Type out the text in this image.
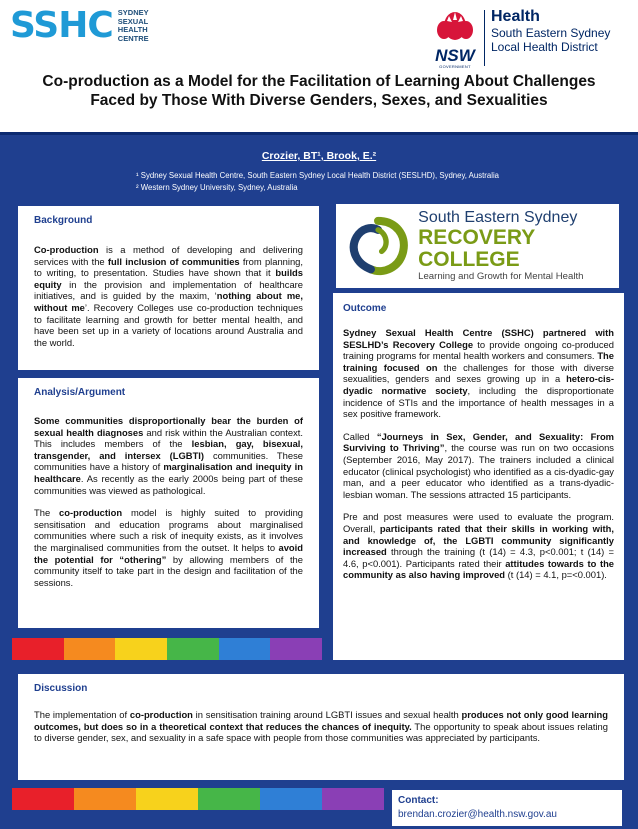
SSHC SYDNEY
SEXUAL
HEALTH
CENTRE
NSW
GOVERNMENT
Health
South Eastern Sydney
Local Health District
Co-production as a Model for the Facilitation of Learning About Challenges
Faced by Those With Diverse Genders, Sexes, and Sexualities
Crozier, BT¹, Brook, E.²
¹ Sydney Sexual Health Centre, South Eastern Sydney Local Health District (SESLHD), Sydney, Australia
² Western Sydney University, Sydney, Australia
Background
Co-production is a method of developing and delivering services with the full inclusion of communities from planning, to writing, to presentation. Studies have shown that it builds equity in the provision and implementation of healthcare initiatives, and is guided by the maxim, ‘nothing about me, without me’. Recovery Colleges use co-production techniques to facilitate learning and growth for better mental health, and have been set up in a variety of locations around Australia and the world.
Analysis/Argument

Some communities disproportionally bear the burden of sexual health diagnoses and risk within the Australian context. This includes members of the lesbian, gay, bisexual, transgender, and intersex (LGBTI) communities. These communities have a history of marginalisation and inequity in healthcare. As recently as the early 2000s being part of these communities was viewed as pathological.

The co-production model is highly suited to providing sensitisation and education programs about marginalised communities where such a risk of inequity exists, as it involves the marginalised communities from the outset. It helps to avoid the potential for “othering” by allowing members of the community itself to take part in the design and facilitation of the sessions.

South Eastern Sydney
RECOVERY COLLEGE
Learning and Growth for Mental Health
Outcome

Sydney Sexual Health Centre (SSHC) partnered with SESLHD’s Recovery College to provide ongoing co-produced training programs for mental health workers and consumers. The training focused on the challenges for those with diverse sexualities, genders and sexes growing up in a hetero-cis-dyadic normative society, including the disproportionate incidence of STIs and the importance of health messages in a sex positive framework.

Called “Journeys in Sex, Gender, and Sexuality: From Surviving to Thriving”, the course was run on two occasions (September 2016, May 2017). The trainers included a clinical educator (clinical psychologist) who identified as a cis-dyadic-gay man, and a peer educator who identified as a trans-dyadic-lesbian woman. The sessions attracted 15 participants.

Pre and post measures were used to evaluate the program. Overall, participants rated that their skills in working with, and knowledge of, the LGBTI community significantly increased through the training (t (14) = 4.3, p<0.001; t (14) = 4.6, p<0.001). Participants rated their attitudes towards to the community as also having improved (t (14) = 4.1, p=<0.001).

Discussion
The implementation of co-production in sensitisation training around LGBTI issues and sexual health produces not only good learning outcomes, but does so in a theoretical context that reduces the chances of inequity. The opportunity to speak about issues relating to diverse gender, sex, and sexuality in a safe space with people from those communities was appreciated by participants.
Contact:
brendan.crozier@health.nsw.gov.au
